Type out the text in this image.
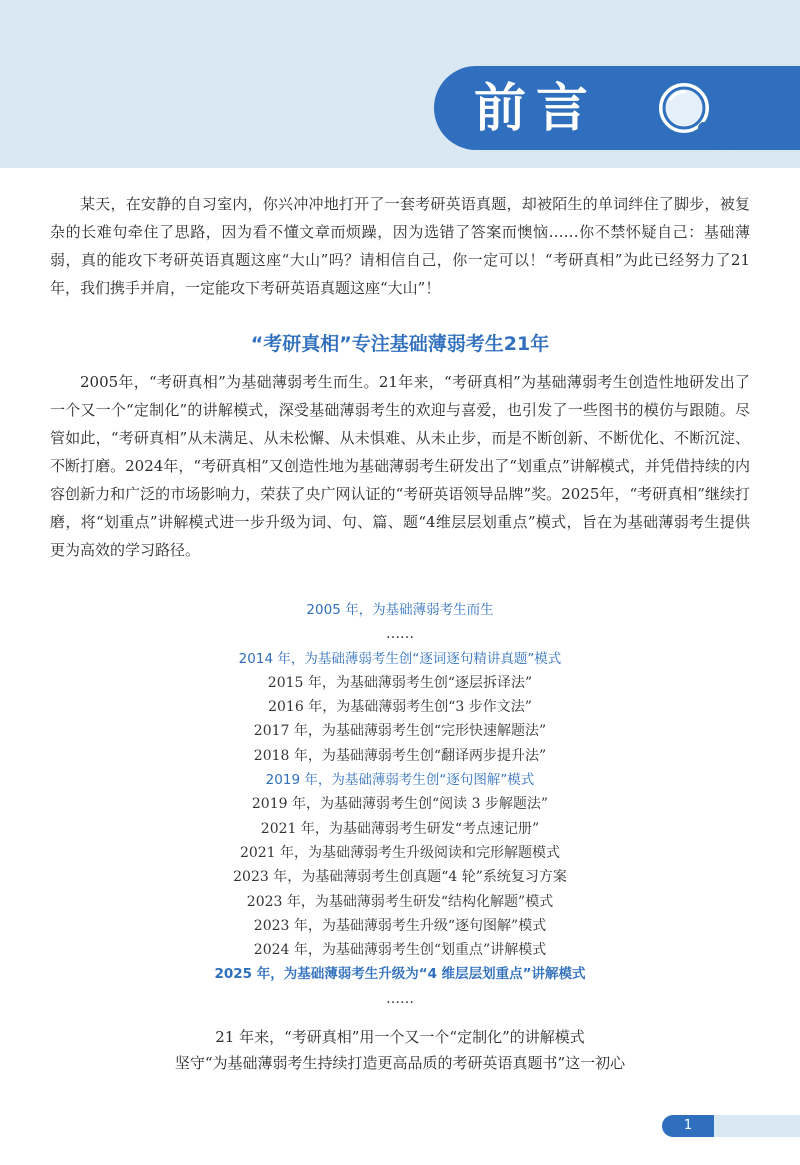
前言

某天，在安静的自习室内，你兴冲冲地打开了一套考研英语真题，却被陌生的单词绊住了脚步，被复杂的长难句牵住了思路，因为看不懂文章而烦躁，因为选错了答案而懊恼……你不禁怀疑自己：基础薄弱，真的能攻下考研英语真题这座“大山”吗？请相信自己，你一定可以！“考研真相”为此已经努力了21年，我们携手并肩，一定能攻下考研英语真题这座“大山”！

“考研真相”专注基础薄弱考生21年

2005年，“考研真相”为基础薄弱考生而生。21年来，“考研真相”为基础薄弱考生创造性地研发出了一个又一个“定制化”的讲解模式，深受基础薄弱考生的欢迎与喜爱，也引发了一些图书的模仿与跟随。尽管如此，“考研真相”从未满足、从未松懈、从未惧难、从未止步，而是不断创新、不断优化、不断沉淀、不断打磨。2024年，“考研真相”又创造性地为基础薄弱考生研发出了“划重点”讲解模式，并凭借持续的内容创新力和广泛的市场影响力，荣获了央广网认证的“考研英语领导品牌”奖。2025年，“考研真相”继续打磨，将“划重点”讲解模式进一步升级为词、句、篇、题“4维层层划重点”模式，旨在为基础薄弱考生提供更为高效的学习路径。

2005 年，为基础薄弱考生而生
……
2014 年，为基础薄弱考生创“逐词逐句精讲真题”模式
2015 年，为基础薄弱考生创“逐层拆译法”
2016 年，为基础薄弱考生创“3 步作文法”
2017 年，为基础薄弱考生创“完形快速解题法”
2018 年，为基础薄弱考生创“翻译两步提升法”
2019 年，为基础薄弱考生创“逐句图解”模式
2019 年，为基础薄弱考生创“阅读 3 步解题法”
2021 年，为基础薄弱考生研发“考点速记册”
2021 年，为基础薄弱考生升级阅读和完形解题模式
2023 年，为基础薄弱考生创真题“4 轮”系统复习方案
2023 年，为基础薄弱考生研发“结构化解题”模式
2023 年，为基础薄弱考生升级“逐句图解”模式
2024 年，为基础薄弱考生创“划重点”讲解模式
2025 年，为基础薄弱考生升级为“4 维层层划重点”讲解模式
……
21 年来，“考研真相”用一个又一个“定制化”的讲解模式
坚守“为基础薄弱考生持续打造更高品质的考研英语真题书”这一初心
1
